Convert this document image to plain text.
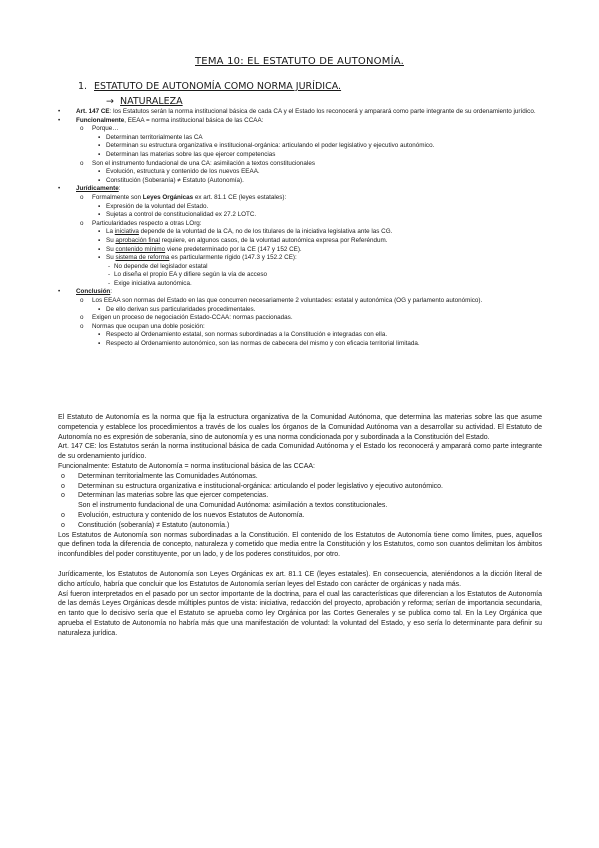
TEMA 10: EL ESTATUTO DE AUTONOMÍA.
1. ESTATUTO DE AUTONOMÍA COMO NORMA JURÍDICA.
→ NATURALEZA
•	Art. 147 CE: los Estatutos serán la norma institucional básica de cada CA y el Estado los reconocerá y amparará como parte integrante de su ordenamiento jurídico.
•	Funcionalmente, EEAA = norma institucional básica de las CCAA:
o Porque…
▪ Determinan territorialmente las CA
▪ Determinan su estructura organizativa e institucional-orgánica: articulando el poder legislativo y ejecutivo autonómico.
▪ Determinan las materias sobre las que ejercer competencias
o Son el instrumento fundacional de una CA: asimilación a textos constitucionales
▪ Evolución, estructura y contenido de los nuevos EEAA.
▪ Constitución (Soberanía) ≠ Estatuto (Autonomía).
•	Jurídicamente:
o Formalmente son Leyes Orgánicas ex art. 81.1 CE (leyes estatales):
▪ Expresión de la voluntad del Estado.
▪ Sujetas a control de constitucionalidad ex 27.2 LOTC.
o Particularidades respecto a otras LOrg:
▪ La iniciativa depende de la voluntad de la CA, no de los titulares de la iniciativa legislativa ante las CG.
▪ Su aprobación final requiere, en algunos casos, de la voluntad autonómica expresa por Referéndum.
▪ Su contenido mínimo viene predeterminado por la CE (147 y 152 CE).
▪ Su sistema de reforma es particularmente rígido (147.3 y 152.2 CE):
- No depende del legislador estatal
- Lo diseña el propio EA y difiere según la vía de acceso
- Exige iniciativa autonómica.
•	Conclusión:
o Los EEAA son normas del Estado en las que concurren necesariamente 2 voluntades: estatal y autonómica (OG y parlamento autonómico).
▪ De ello derivan sus particularidades procedimentales.
o Exigen un proceso de negociación Estado-CCAA: normas paccionadas.
o Normas que ocupan una doble posición:
▪ Respecto al Ordenamiento estatal, son normas subordinadas a la Constitución e integradas con ella.
▪ Respecto al Ordenamiento autonómico, son las normas de cabecera del mismo y con eficacia territorial limitada.

El Estatuto de Autonomía es la norma que fija la estructura organizativa de la Comunidad Autónoma, que determina las materias sobre las que asume competencia y establece los procedimientos a través de los cuales los órganos de la Comunidad Autónoma van a desarrollar su actividad. El Estatuto de Autonomía no es expresión de soberanía, sino de autonomía y es una norma condicionada por y subordinada a la Constitución del Estado.

Art. 147 CE: los Estatutos serán la norma institucional básica de cada Comunidad Autónoma y el Estado los reconocerá y amparará como parte integrante de su ordenamiento jurídico.

Funcionalmente: Estatuto de Autonomía = norma institucional básica de las CCAA:

o Determinan territorialmente las Comunidades Autónomas.
o Determinan su estructura organizativa e institucional-orgánica: articulando el poder legislativo y ejecutivo autonómico.
o Determinan las materias sobre las que ejercer competencias.

Son el instrumento fundacional de una Comunidad Autónoma: asimilación a textos constitucionales.

o Evolución, estructura y contenido de los nuevos Estatutos de Autonomía.
o Constitución (soberanía) ≠ Estatuto (autonomía.)

Los Estatutos de Autonomía son normas subordinadas a la Constitución. El contenido de los Estatutos de Autonomía tiene como límites, pues, aquellos que definen toda la diferencia de concepto, naturaleza y cometido que media entre la Constitución y los Estatutos, como son cuantos delimitan los ámbitos inconfundibles del poder constituyente, por un lado, y de los poderes constituidos, por otro.

Jurídicamente, los Estatutos de Autonomía son Leyes Orgánicas ex art. 81.1 CE (leyes estatales). En consecuencia, ateniéndonos a la dicción literal de dicho artículo, habría que concluir que los Estatutos de Autonomía serían leyes del Estado con carácter de orgánicas y nada más.

Así fueron interpretados en el pasado por un sector importante de la doctrina, para el cual las características que diferencian a los Estatutos de Autonomía de las demás Leyes Orgánicas desde múltiples puntos de vista: iniciativa, redacción del proyecto, aprobación y reforma; serían de importancia secundaria, en tanto que lo decisivo sería que el Estatuto se aprueba como ley Orgánica por las Cortes Generales y se publica como tal. En la Ley Orgánica que aprueba el Estatuto de Autonomía no habría más que una manifestación de voluntad: la voluntad del Estado, y eso sería lo determinante para definir su naturaleza jurídica.
